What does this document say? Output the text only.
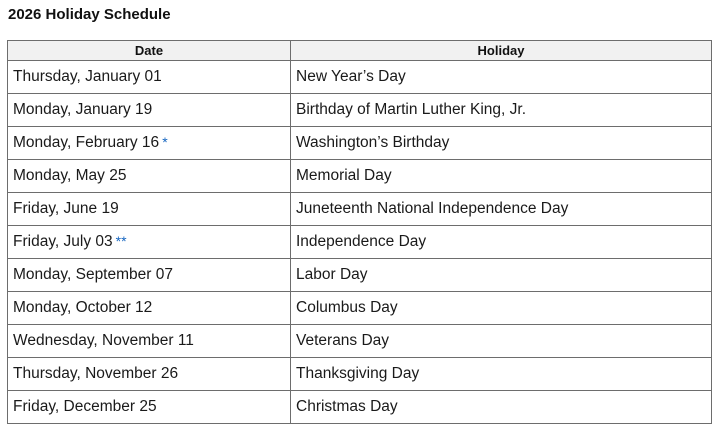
2026 Holiday Schedule
Date	Holiday
Thursday, January 01	New Year’s Day
Monday, January 19	Birthday of Martin Luther King, Jr.
Monday, February 16 *	Washington’s Birthday
Monday, May 25	Memorial Day
Friday, June 19	Juneteenth National Independence Day
Friday, July 03 **	Independence Day
Monday, September 07	Labor Day
Monday, October 12	Columbus Day
Wednesday, November 11	Veterans Day
Thursday, November 26	Thanksgiving Day
Friday, December 25	Christmas Day
